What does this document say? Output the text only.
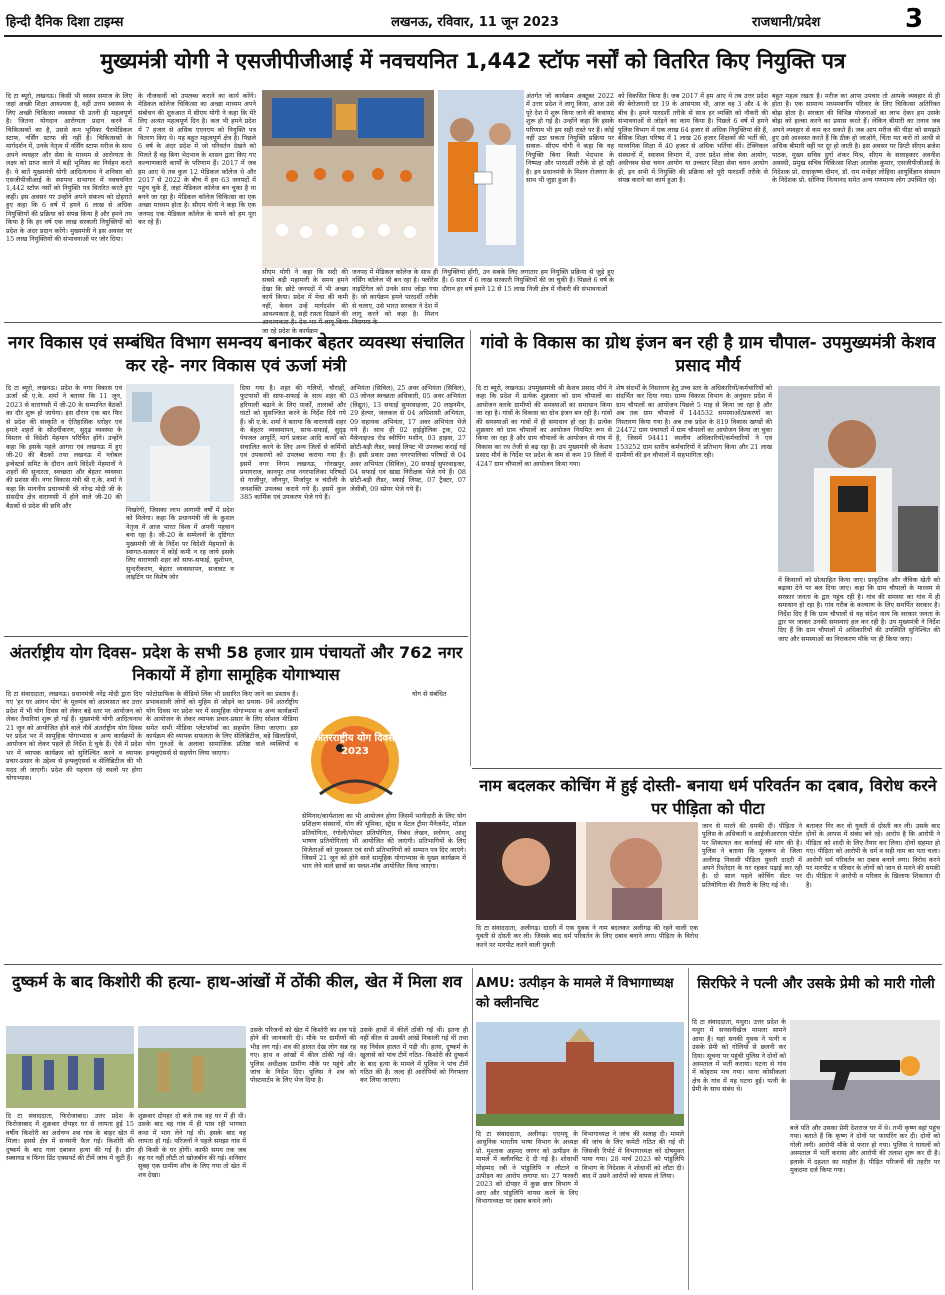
हिन्दी दैनिक दिशा टाइम्स	लखनऊ, रविवार, 11 जून 2023	राजधानी/प्रदेश	3
मुख्यमंत्री योगी ने एसजीपीजीआई में नवचयनित 1,442 स्टॉफ नर्सों को वितरित किए नियुक्ति पत्र
दि टा ब्यूरो, लखनऊ। किसी भी स्वस्थ समाज के लिए जहां अच्छी शिक्षा आवश्यक है, वहीं उत्तम स्वास्थ्य के लिए अच्छी चिकित्सा व्यवस्था भी उतनी ही महत्वपूर्ण है। जितना योगदान आरोग्यता प्रदान करने में चिकित्सकों का है, उससे कम भूमिका पैरामेडिकल स्टाफ, नर्सिंग स्टाफ की नहीं है। चिकित्सकों के मार्गदर्शन में, उनके नेतृत्व में नर्सिंग स्टाफ मरीज के साथ अपने व्यवहार और सेवा के माध्यम से आरोग्यता के लक्ष्य को प्राप्त करने में बड़ी भूमिका का निर्वहन करते हैं। ये बातें मुख्यमंत्री योगी आदित्यनाथ ने शनिवार को एसजीपीजीआई के स्थापना सभागार में नवचयनित 1,442 स्टॉफ नर्सों को नियुक्ति पत्र वितरित करते हुए कहीं। इस अवसर पर उन्होंने अपने संकल्प को दोहराते हुए कहा कि 6 वर्ष में हमने 6 लाख से अधिक नियुक्तियों की प्रक्रिया को संपन्न किया है और हमने तय किया है कि हर वर्ष एक लाख सरकारी नियुक्तियों को प्रदेश के अंदर प्रदान करेंगे। मुख्यमंत्री ने इस अवसर पर 15 लाख नियुक्तियों की संभावनाओं पर जोर दिया।
के नौजवानों को उपलब्ध कराने का कार्य करेंगे। मेडिकल कॉलेज चिकित्सा का अच्छा माध्यम अपने संबोधन की शुरुआत में सीएम योगी ने कहा कि मेरे लिए अत्यंत महत्वपूर्ण दिन है। कल भी हमने प्रदेश में 7 हजार से अधिक एएनएम को नियुक्ति पत्र वितरण किए थे। यह बहुत महत्वपूर्ण क्षेत्र है। पिछले 6 वर्ष के अंदर प्रदेश में जो परिवर्तन देखने को मिलते हैं वह बिना भेदभाव के शासन द्वारा किए गए कल्याणकारी कार्यों के परिणाम हैं। 2017 में जब हम आए थे तब कुल 12 मेडिकल कॉलेज थे और 2017 से 2022 के बीच में हम 63 जनपदों में पहुंच चुके हैं, जहां मेडिकल कॉलेज बन चुका है या बनने जा रहा है। मेडिकल कॉलेज चिकित्सा का एक अच्छा माध्यम होता है। सीएम योगी ने कहा कि एक जनपद एक मेडिकल कॉलेज के सपने को हम पूरा कर रहे हैं।
सीएम योगी ने कहा कि सदी की सबसे बड़ी महामारी के समय हमने देखा कि छोटे जनपदों में भी अच्छा कार्य किया। प्रदेश में मेधा की कमी नहीं, केवल उन्हें मार्गदर्शन की आवश्यकता है, सही रास्ता दिखाने की जा रहे प्रदेश के कार्यक्रम
जनपद में मेडिकल कॉलेज के साथ ही नर्सिंग कॉलेज भी बन रहा है। फ्लोरेंस नाइटिंगेल को उनके साथ जोड़ा गया है। जो कार्यक्रम हमने पारदर्शी तरीके से चलाए, उसे भारत सरकार ने देश में लागू करने को कहा है। मिशन
अंतर्गत जो कार्यक्रम अक्टूबर 2022 में उत्तर प्रदेश ने लागू किया, आज उसे पूरे देश में शुरू किया जाने की कवायद शुरू हो गई है। उन्होंने कहा कि इसके परिणाम भी हम सही रास्ते पर हैं। कोई नहीं उठा सकता नियुक्ति प्रक्रिया पर सवाल- सीएम योगी ने कहा कि यह नियुक्ति बिना किसी भेदभाव के निष्पक्ष और पारदर्शी तरीके से हो रही है। इन प्रधानमंत्री के मिशन रोजगार के साथ भी जुड़ा हुआ है।
नियुक्तियां होंगी, उन सबके लिए लगातार हम नियुक्ति प्रक्रिया से जुड़े हुए हैं। 6 साल में 6 लाख सरकारी नियुक्तियों की जा चुकी हैं। पिछले 6 वर्ष के दौरान हर वर्ष हमने 12 से 15 लाख निजी क्षेत्र में नौकरी की संभावनाओं
को विकसित किया है। जब 2017 में हम आए थे तब उत्तर प्रदेश की बेरोजगारी दर 19 के आसपास थी, आज वह 3 और 4 के बीच है। हमने पारदर्शी तरीके से साथ हर व्यक्ति को नौकरी की संभावनाओं से जोड़ने का काम किया है। पिछले 6 वर्ष में हमने पुलिस विभाग में एक लाख 64 हजार से अधिक नियुक्तियां की हैं, बेसिक शिक्षा परिषद में 1 लाख 26 हजार शिक्षकों की भर्ती की, माध्यमिक शिक्षा में 40 हजार से अधिक भर्तियां कीं। टेक्निकल संस्थानों में, स्वास्थ्य विभाग में, उत्तर प्रदेश लोक सेवा आयोग, अधीनस्थ सेवा चयन आयोग या उच्चतर शिक्षा सेवा चयन आयोग हो, इन सभी में नियुक्ति की प्रक्रिया को पूरी पारदर्शी तरीके से संपन्न कराने का कार्य हुआ है।
बहुत महत्व रखता है। मरीज का आपा उपचार तो आपके व्यवहार से ही होता है। एक सामान्य मध्यमवर्गीय परिवार के लिए चिकित्सा अतिरिक्त बोझ होता है। सरकार की विभिन्न योजनाओं का लाभ देकर हम उसके बोझ को हल्का करने का प्रयास करते हैं। लेकिन बीमारी का तनाव जब अपने व्यवहार से कम कर सकते हैं। जब आप मरीज की पीड़ा को समझते हुए उसे आश्वस्त करते हैं कि ठीक हो जाओगे, चिंता मत करो तो आधी से अधिक बीमारी वहीं पर दूर हो जाती है। इस अवसर पर डिप्टी सीएम ब्रजेश पाठक, मुख्य सचिव दुर्गा शंकर मिश्र, सीएम के सलाहकार अवनीश अवस्थी, प्रमुख सचिव चिकित्सा शिक्षा आलोक कुमार, एसजीपीजीआई के निदेशक प्रो. राधाकृष्ण धीमन, डॉ. राम मनोहर लोहिया आयुर्विज्ञान संस्थान के निदेशक प्रो. सोनिया नित्यानंद समेत अन्य गणमान्य लोग उपस्थित रहे।
नगर विकास एवं सम्बंधित विभाग समन्वय बनाकर बेहतर व्यवस्था संचालित कर रहे- नगर विकास एवं ऊर्जा मंत्री
दि टा ब्यूरो, लखनऊ। प्रदेश के नगर विकास एवं ऊर्जा श्री ए.के. शर्मा ने बताया कि 11 जून, 2023 से वाराणसी में जी-20 के सम्मानित बैठकों का दौर शुरू हो जायेगा। इस दौरान एक बार फिर से प्रदेश की संस्कृति व ऐतिहासिक धरोहर एवं हमारे शहरों के सौंदर्यीकरण, सुदृढ़ व्यवस्था के विस्तार से विदेशी मेहमान परिचित होंगे। उन्होंने कहा कि इसके पहले आगरा एवं लखनऊ में हुए जी-20 की बैठकों तथा लखनऊ में ग्लोबल इन्वेस्टर्स समिट के दौरान आये विदेशी मेहमानों ने शहरों की सुन्दरता, स्वच्छता और बेहतर व्यवस्था की प्रशंसा की। नगर विकास मंत्री श्री ए.के. शर्मा ने कहा कि माननीय प्रधानमंत्री श्री नरेन्द्र मोदी जी के संसदीय क्षेत्र वाराणसी में होने वाले जी-20 की बैठकों से प्रदेश की छवि और
निखरेगी, जिसका लाभ आगामी वर्षों में प्रदेश को मिलेगा। कहा कि प्रधानमंत्री जी के कुशल नेतृत्व में आज भारत विश्व में अपनी पहचान बना रहा है। जी-20 के सम्मेलनों के दृष्टिगत मुख्यमंत्री जी के निर्देश पर विदेशी मेहमानों के स्वागत-सत्कार में कोई कमी न रह जाये इसके लिए वाराणसी शहर को साफ-सफाई, सुशोभन, सुन्दरीकरण, बेहतर व्यवस्थापन, सजावट व लाइटिंग पर विशेष जोर
दिया गया है। शहर की गलियों, चौराहों, फुटपाथों की साफ-सफाई के साथ शहर की हरियाली बढ़ाने के लिए पार्कों, तालाबों और घाटों को सुसज्जित करने के निर्देश दिये गये हैं। श्री ए.के. शर्मा ने बताया कि वाराणसी शहर के बेहतर व्यवस्थापन, साफ-सफाई, सुदृढ़ पेयजल आपूर्ति, मार्ग प्रकाश आदि कार्यों को संचालित करने के लिए अन्य जिलों से कर्मियों एवं उपकरणों को उपलब्ध कराया गया है। इसमें नगर निगम लखनऊ, गोरखपुर, प्रयागराज, कानपुर तथा नगरपालिका परिषदों से गाजीपुर, जौनपुर, मिर्जापुर व चंदौली के जनशक्ति उपलब्ध कराये गये हैं। इसमें कुल 385 कार्मिक एवं उपकरण भेजे गये हैं।
अभियंता (सिविल), 25 अवर अभियंता (सिविल), 03 जोनल स्वच्छता अधिकारी, 05 अवर अभियंता (विद्युत), 13 सफाई सुपरवाइजर, 20 लाइनमैन, 29 हेल्पर, जलकल से 04 अधिशासी अभियंता, 09 सहायक अभियंता, 17 अवर अभियंता भेजे गये हैं। साथ ही 02 हाईड्रोलिक ट्रक, 02 मैकेनाइज्ड रोड स्वीपिंग मशीन, 03 हाइवा, 27 छोटी-बड़ी लैडर, स्काई लिफ्ट भी उपलब्ध कराई गई हैं। इसी प्रकार उक्त नगरपालिका परिषदों से 04 अवर अभियंता (सिविल), 20 सफाई सुपरवाइजर, 04 सफाई एवं खाद्य निरीक्षक भेजे गये हैं। 08 छोटी-बड़ी लैडर, स्काई लिफ्ट, 07 ट्रैक्टर, 07 जेसीबी, 09 स्प्रेयर भेजे गये हैं।
गांवो के विकास का ग्रोथ इंजन बन रही है ग्राम चौपाल- उपमुख्यमंत्री केशव प्रसाद मौर्य
दि टा ब्यूरो, लखनऊ। उपमुख्यमंत्री श्री केशव प्रसाद मौर्य ने कहा कि प्रदेश में प्रत्येक शुक्रवार को ग्राम चौपालों का आयोजन करके ग्रामीणों की समस्याओं का समाधान किया जा रहा है। गांवों के विकास का ग्रोथ इंजन बन रही है। गांवों की समस्याओं का गांवों में ही समाधान हो रहा है। प्रत्येक शुक्रवार को ग्राम चौपालों का आयोजन नियमित रूप से किया जा रहा है और ग्राम चौपालों के आयोजन से गांव में विकास का रथ तेजी से बढ़ रहा है। उप मुख्यमंत्री श्री केशव प्रसाद मौर्य के निर्देश पर प्रदेश के कम से कम 19 जिलों में 4247 ग्राम चौपालों का आयोजन किया गया।
शेष संदर्भों के निस्तारण हेतु उच्च स्तर के अधिकारियों/कर्मचारियों को संदर्भित कर दिया गया। ग्राम्य विकास विभाग के अनुसार प्रदेश में ग्राम चौपालों का आयोजन पिछले 5 माह से किया जा रहा है और अब तक ग्राम चौपालों में 144532 समस्याओं/प्रकरणों का निस्तारण किया गया है। अब तक प्रदेश के 819 विकास खण्डों की 24472 ग्राम पंचायतों में ग्राम चौपालों का आयोजन किया जा चुका है, जिसमें 94411 स्थलीय अधिकारियों/कर्मचारियों ने एवं 153252 ग्राम स्तरीय कर्मचारियों ने प्रतिभाग किया और 21 लाख ग्रामीणों की इन चौपालों में सहभागिता रही।
में किसानों को प्रोत्साहित किया जाए। प्राकृतिक और जैविक खेती को बढ़ावा देने पर बल दिया जाए। कहा कि ग्राम चौपालों के माध्यम से सरकार जनता के द्वार पहुंच रही है। गांव की समस्या का गांव में ही समाधान हो रहा है। गांव गरीब के कल्याण के लिए समर्पित सरकार है। निर्देश दिए हैं कि ग्राम चौपालों से यह संदेश जाय कि सरकार जनता के द्वार पर जाकर उनकी समस्याएं हल कर रही है। उप मुख्यमंत्री ने निर्देश दिए हैं कि ग्राम चौपालों में अधिकारियों की उपस्थिति सुनिश्चित की जाए और समस्याओं का निराकरण मौके पर ही किया जाए।
अंतर्राष्ट्रीय योग दिवस- प्रदेश के सभी 58 हजार ग्राम पंचायतों और 762 नगर निकायों में होगा सामूहिक योगाभ्यास
दि टा संवाददाता, लखनऊ। प्रधानमंत्री नरेंद्र मोदी द्वारा दिए गए 'हर घर आंगन योग' के मूलमंत्र को आत्मसात कर उत्तर प्रदेश में भी योग दिवस को लेकर बड़े स्तर पर आयोजन को लेकर तैयारियां शुरू हो गई हैं। मुख्यमंत्री योगी आदित्यनाथ 21 जून को आयोजित होने वाले नौवें अंतर्राष्ट्रीय योग दिवस पर प्रदेश भर में सामूहिक योगाभ्यास व अन्य कार्यक्रमों के आयोजन को लेकर पहले ही निर्देश दे चुके हैं। ऐसे में प्रदेश भर में व्यापक कार्यक्रम को सुनिश्चित करने व व्यापक प्रचार-प्रसार के उद्देश्य से इन्फ्लुएंसर्स व सेलिब्रिटीज की भी मदद ली जाएगी। प्रदेश की पहचान रहे स्थलों पर होगा योगाभ्यास।
फोटोग्राफिक के वीडियो लिंक भी प्रसारित किए जाने का प्रस्ताव है। प्रभावशाली लोगों को मुहिम से जोड़ने का प्रयास- 9वें अंतर्राष्ट्रीय योग दिवस पर प्रदेश भर में सामूहिक योगाभ्यास व अन्य कार्यक्रमों के आयोजन के लेकर व्यापक प्रचार-प्रसार के लिए सोशल मीडिया समेत सभी मीडिया प्लेटफॉर्म्स का सहयोग लिया जाएगा। इस कार्यक्रम की व्यापक सफलता के लिए सेलिब्रिटीज, बड़े खिलाड़ियों, योग गुरुओं के अलावा सामाजिक प्रतिष्ठा वाले व्यक्तियों व इन्फ्लुएंसर्स से सहयोग लिया जाएगा।
अंतरराष्ट्रीय योग दिवस 2023
योग से संबंधित
सेमिनार/कार्यशाला का भी आयोजन होगा जिसमें भागीदारी के लिए योग प्रशिक्षण संस्थानों, योग की भूमिका, स्ट्रेस व मेंटल ट्रीमा मैनेजमेंट, मॉडल प्रतियोगिता, रंगोली/पोस्टर प्रतियोगिता, निबंध लेखन, स्लोगन, आशु भाषण प्रतियोगिताएं भी आयोजित की जाएंगी। प्रतिभागियों के लिए विजेताओं को पुरस्कार एवं सभी प्रतिभागियों को सम्मान पत्र दिए जाएंगे। जिसमें 21 जून को होने वाले सामूहिक योगाभ्यास के मुख्य कार्यक्रम में भाग लेने वाले छात्रों का फ्लश-मॉब आयोजित किया जाएगा।
नाम बदलकर कोचिंग में हुई दोस्ती- बनाया धर्म परिवर्तन का दबाव, विरोध करने पर पीड़िता को पीटा
दि टा संवाददाता, अलीगढ़। दादरी में एक युवक ने नाम बदलकर अलीगढ़ की रहने वाली एक युवती से दोस्ती कर ली। जिसके बाद धर्म परिवर्तन के लिए दबाव बनाने लगा। पीड़िता के विरोध करने पर मारपीट करने वाली युवती
जान से मारने की धमकी दी। पीड़िता ने पुलिस के अधिकारी व आईजीआरएस पोर्टल पर शिकायत कर कार्रवाई की मांग की है। पुलिस ने बताया कि मूलरूप से जिला अलीगढ़ निवासी पीड़िता युवती दादरी में अपने रिश्तेदार के घर रहकर पढ़ाई कर रही है। दो साल पहले कोचिंग सेंटर पर प्रतियोगिता की तैयारी के लिए गई थी।
बताकर गिर कर वो युवती से दोस्ती कर ली। उसके बाद दोनों के आपस में संबंध बने रहे। आरोप है कि आरोपी ने पीड़िता को शादी के लिए तैयार कर लिया। दोनों सहमत हो गए। पीड़िता को आरोपी के धर्म व सही नाम का पता चला। आरोपी धर्म परिवर्तन का दबाव बनाने लगा। विरोध करने पर मारपीट व परिवार के लोगों को जान से मारने की धमकी दी। पीड़िता ने आरोपी व परिवार के खिलाफ शिकायत दी है।
दुष्कर्म के बाद किशोरी की हत्या- हाथ-आंखों में ठोंकी कील, खेत में मिला शव
दि टा संवाददाता, फिरोजाबाद। उत्तर प्रदेश के फिरोजाबाद में शुक्रवार दोपहर घर से लापता हुई 15 वर्षीय किशोरी का अर्धनग्न शव गांव के बाहर खेत में मिला। इससे क्षेत्र में सनसनी फैल गई। किशोरी की दुष्कर्म के बाद गला दबाकर हत्या की गई है। डॉग स्क्वायड व फिंगर प्रिंट एक्सपर्ट की टीमें जांच में जुटी हैं।
शुक्रवार दोपहर दो बजे तक वह घर में ही थी। उसके बाद वह गांव में ही पास रही भागवत कथा में भाग लेने गई थी। इसके बाद वह लापता हो गई। परिजनों ने पहले समझा गांव में ही किसी के घर होगी। काफी समय तक जब वह घर नहीं लौटी तो खोजबीन की गई। शनिवार सुबह एक ग्रामीण शौच के लिए गया तो खेत में शव देखा।
उसके परिजनों को खेत में किशोरी का शव पड़े होने की जानकारी दी। मौके पर ग्रामीणों की भीड़ लग गई। शव की हालत देख लोग सन्न रह गए। हाथ व आंखों में कील ठोंकी गई थी। पुलिस अधीक्षक ग्रामीण मौके पर पहुंचे और जांच के निर्देश दिए। पुलिस ने शव को पोस्टमार्टम के लिए भेज दिया है।
उसके हाथों में कीलें ठोंकी गई थीं। इतना ही नहीं कील से उसकी आंखें निकाली गई थीं तथा वह निर्वस्त्र हालत में पड़ी थी। हत्या, दुष्कर्म के खुलासे को पांच टीमें गठित- किशोरी की दुष्कर्म के बाद हत्या के मामले में पुलिस ने पांच टीमें गठित की हैं। जल्द ही आरोपियों को गिरफ्तार कर लिया जाएगा।
AMU: उत्पीड़न के मामले में विभागाध्यक्ष को क्लीनचिट
दि टा संवाददाता, अलीगढ़। एएमयू के आधुनिक भारतीय भाषा विभाग के अध्यक्ष प्रो. मुश्ताक अहमद जरगर को उत्पीड़न के मामले में क्लीनचिट दे दी गई है। शोधार्थी मोहम्मद रबी ने पांडुलिपि न लौटाने व उत्पीड़न का आरोप लगाया था। 27 फरवरी 2023 को दोपहर में कुछ छात्र विभाग में आए और पांडुलिपि वापस करने के लिए विभागाध्यक्ष पर दबाव बनाने लगे।
विभागाध्यक्ष ने जांच की सलाह दी। मामले की जांच के लिए कमेटी गठित की गई थी जिसकी रिपोर्ट में विभागाध्यक्ष को दोषमुक्त पाया गया। 28 मार्च 2023 को पांडुलिपि विभाग के निदेशक ने शोधार्थी को लौटा दी। बाद में उसने आरोपों को वापस ले लिया।
सिरफिरे ने पत्नी और उसके प्रेमी को मारी गोली
दि टा संवाददाता, मथुरा। उत्तर प्रदेश के मथुरा में सनसनीखेज मामला सामने आया है। यहां सनकी युवक ने पत्नी व उसके प्रेमी को गोलियों से छलनी कर दिया। सूचना पर पहुंची पुलिस ने दोनों को अस्पताल में भर्ती कराया। घटना से गांव में कोहराम मच गया। थाना कोसीकलां क्षेत्र के गांव में यह घटना हुई। पत्नी के प्रेमी के साथ संबंध थे।
बजे पति और उसका प्रेमी देशराज घर में थे। तभी कृष्ण वहां पहुंच गया। बताते हैं कि कृष्ण ने दोनों पर फायरिंग कर दी। दोनों को गोली लगी। आरोपी मौके से फरार हो गया। पुलिस ने घायलों को अस्पताल में भर्ती कराया और आरोपी की तलाश शुरू कर दी है। इलाके में दहशत का माहौल है। पीड़ित परिजनों की तहरीर पर मुकदमा दर्ज किया गया।
